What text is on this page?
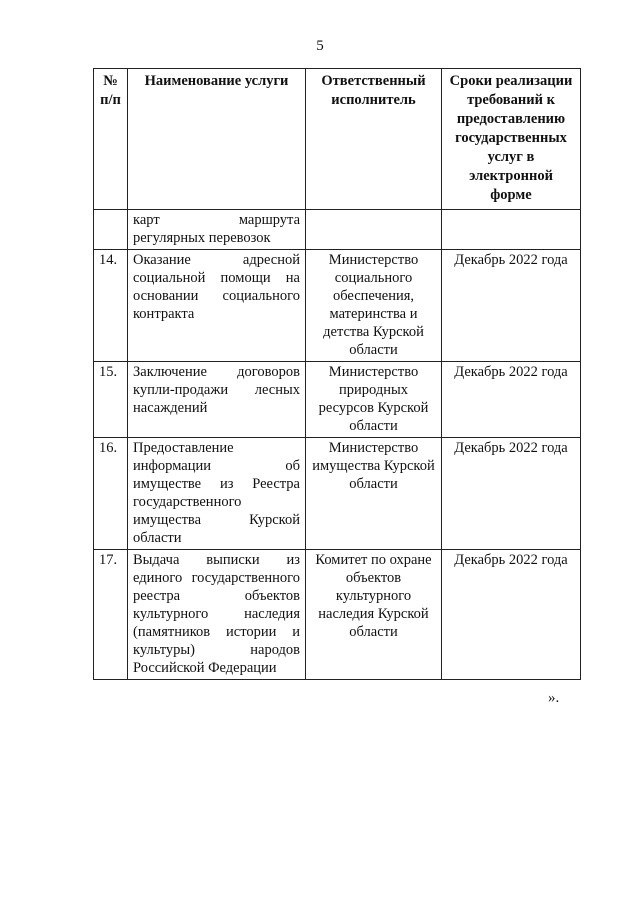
5
№ п/п	Наименование услуги	Ответственный исполнитель	Сроки реализации требований к предоставлению государственных услуг в электронной форме
	карт маршрута регулярных перевозок		
14.	Оказание адресной социальной помощи на основании социального контракта	Министерство социального обеспечения, материнства и детства Курской области	Декабрь 2022 года
15.	Заключение договоров купли-продажи лесных насаждений	Министерство природных ресурсов Курской области	Декабрь 2022 года
16.	Предоставление информации об имуществе из Реестра государственного имущества Курской области	Министерство имущества Курской области	Декабрь 2022 года
17.	Выдача выписки из единого государственного реестра объектов культурного наследия (памятников истории и культуры) народов Российской Федерации	Комитет по охране объектов культурного наследия Курской области	Декабрь 2022 года
».
